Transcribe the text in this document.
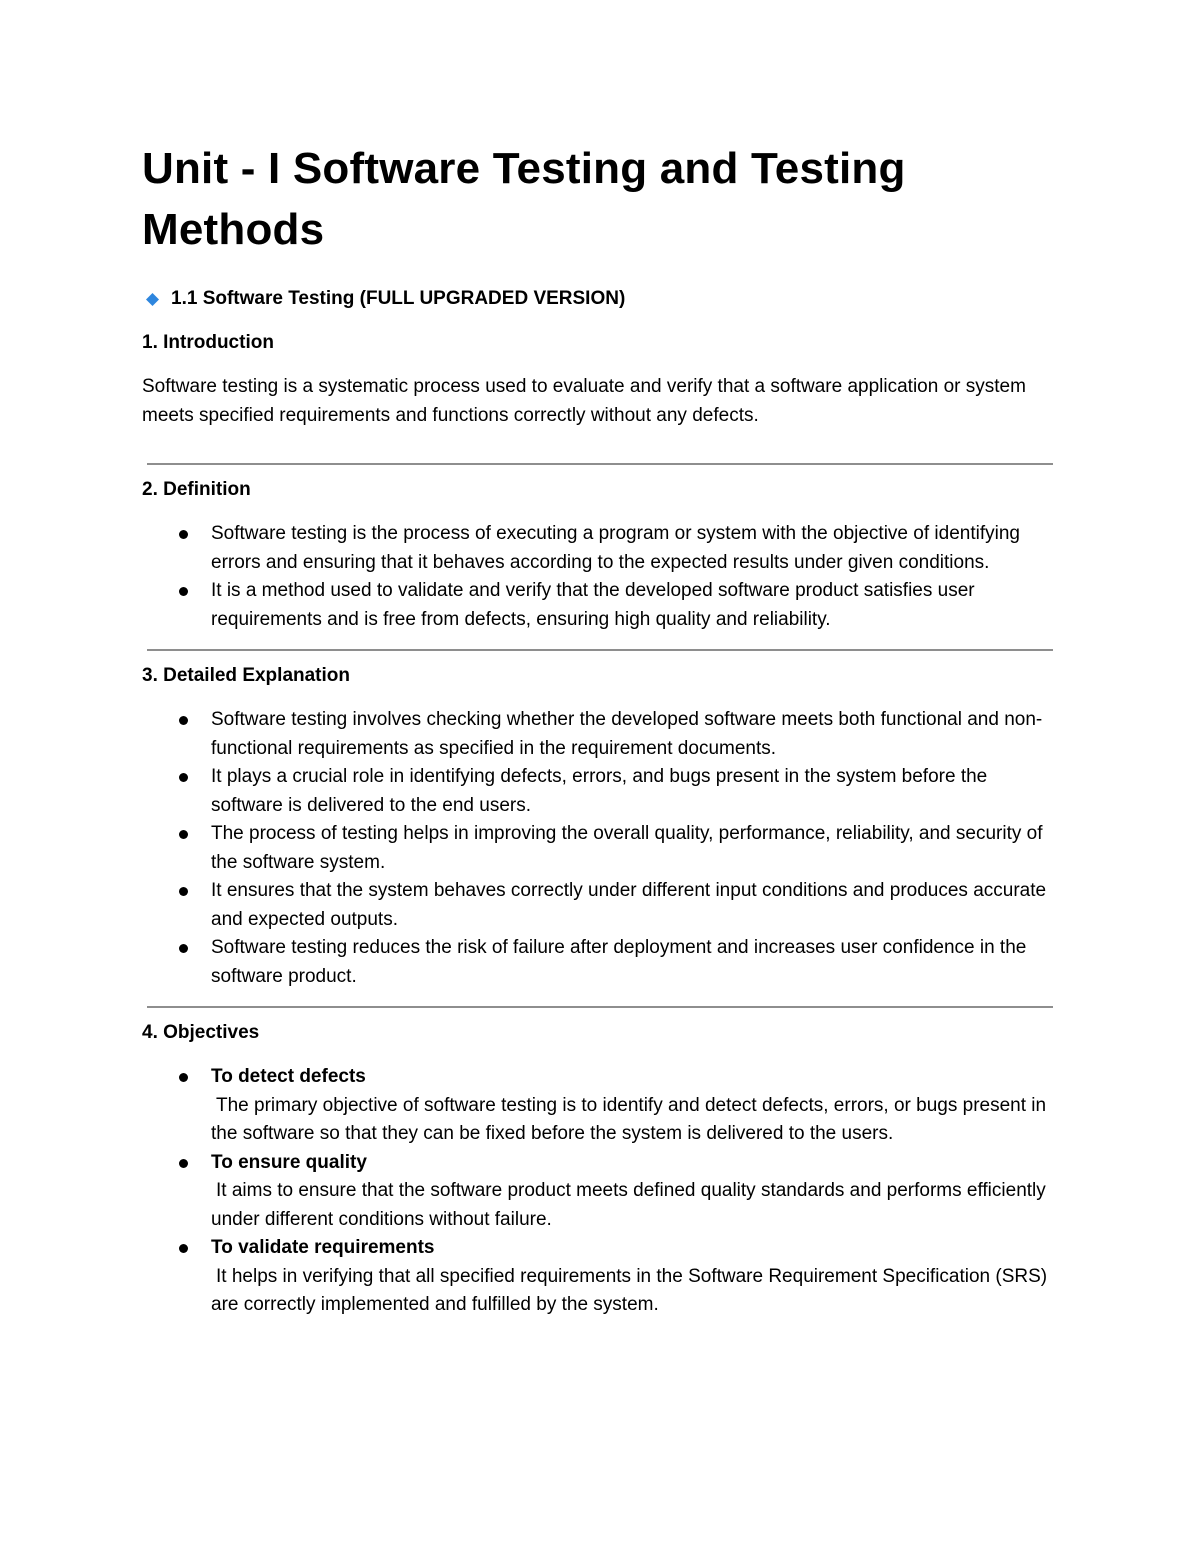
Unit - I Software Testing and Testing Methods
1.1 Software Testing (FULL UPGRADED VERSION)
1. Introduction

Software testing is a systematic process used to evaluate and verify that a software application or system meets specified requirements and functions correctly without any defects.

2. Definition
Software testing is the process of executing a program or system with the objective of identifying errors and ensuring that it behaves according to the expected results under given conditions.
It is a method used to validate and verify that the developed software product satisfies user requirements and is free from defects, ensuring high quality and reliability.
3. Detailed Explanation
Software testing involves checking whether the developed software meets both functional and non-functional requirements as specified in the requirement documents.
It plays a crucial role in identifying defects, errors, and bugs present in the system before the software is delivered to the end users.
The process of testing helps in improving the overall quality, performance, reliability, and security of the software system.
It ensures that the system behaves correctly under different input conditions and produces accurate and expected outputs.
Software testing reduces the risk of failure after deployment and increases user confidence in the software product.
4. Objectives
To detect defects
The primary objective of software testing is to identify and detect defects, errors, or bugs present in the software so that they can be fixed before the system is delivered to the users.
To ensure quality
It aims to ensure that the software product meets defined quality standards and performs efficiently under different conditions without failure.
To validate requirements
It helps in verifying that all specified requirements in the Software Requirement Specification (SRS) are correctly implemented and fulfilled by the system.
